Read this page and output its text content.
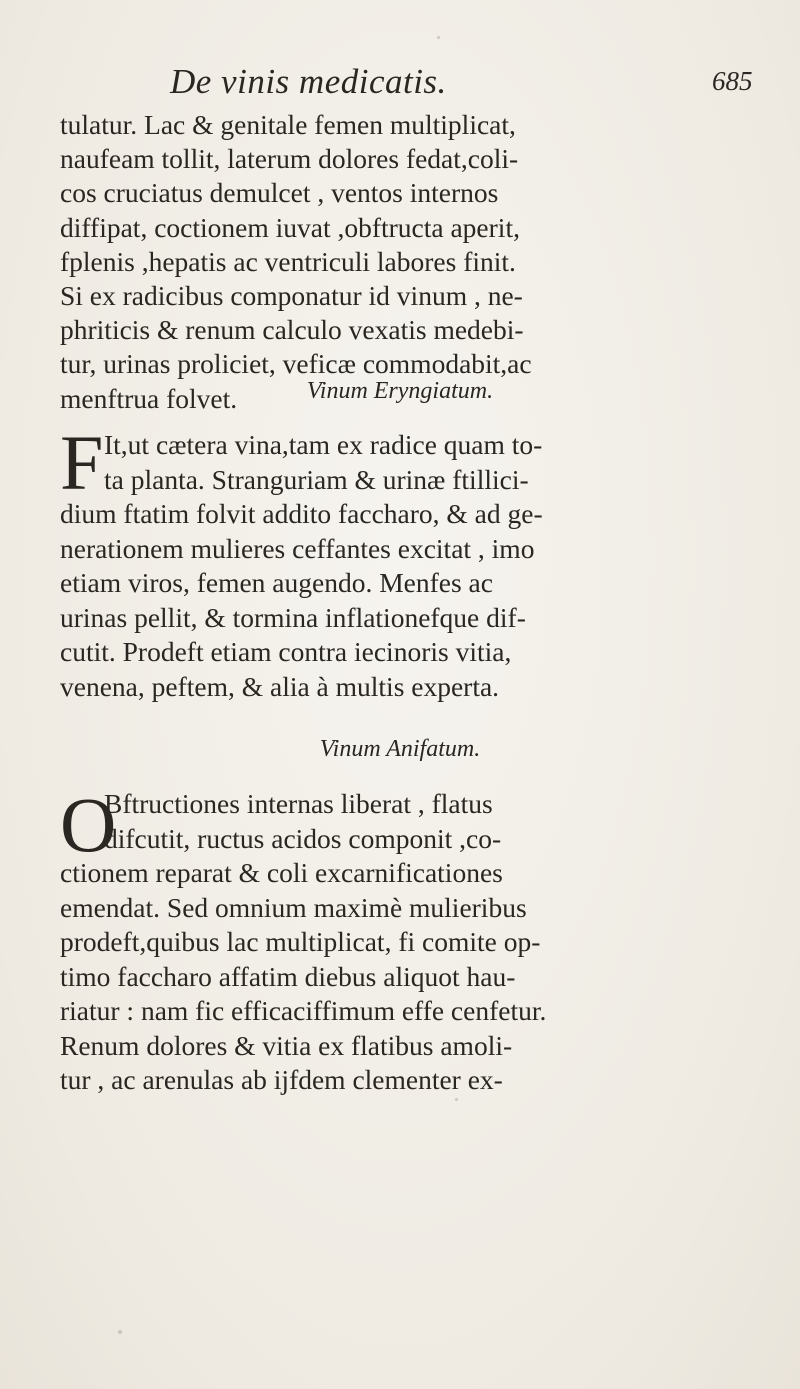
De vinis medicatis.	685
tulatur. Lac & genitale femen multiplicat,
naufeam tollit, laterum dolores fedat,coli-
cos cruciatus demulcet , ventos internos
diffipat, coctionem iuvat ,obftructa aperit,
fplenis ,hepatis ac ventriculi labores finit.
Si ex radicibus componatur id vinum , ne-
phriticis & renum calculo vexatis medebi-
tur, urinas proliciet, veficæ commodabit,ac
menftrua folvet.	Vinum Eryngiatum.
F It,ut cætera vina,tam ex radice quam to-
ta planta. Stranguriam & urinæ ftillici-
dium ftatim folvit addito faccharo, & ad ge-
nerationem mulieres ceffantes excitat , imo
etiam viros, femen augendo. Menfes ac
urinas pellit, & tormina inflationefque dif-
cutit. Prodeft etiam contra iecinoris vitia,
venena, peftem, & alia à multis experta.
Vinum Anifatum.
O
Bftructiones internas liberat , flatus
difcutit, ructus acidos componit ,co-
ctionem reparat & coli excarnificationes
emendat. Sed omnium maximè mulieribus
prodeft,quibus lac multiplicat, fi comite op-
timo faccharo affatim diebus aliquot hau-
riatur : nam fic efficaciffimum effe cenfetur.
Renum dolores & vitia ex flatibus amoli-
tur , ac arenulas ab ijfdem clementer ex-
